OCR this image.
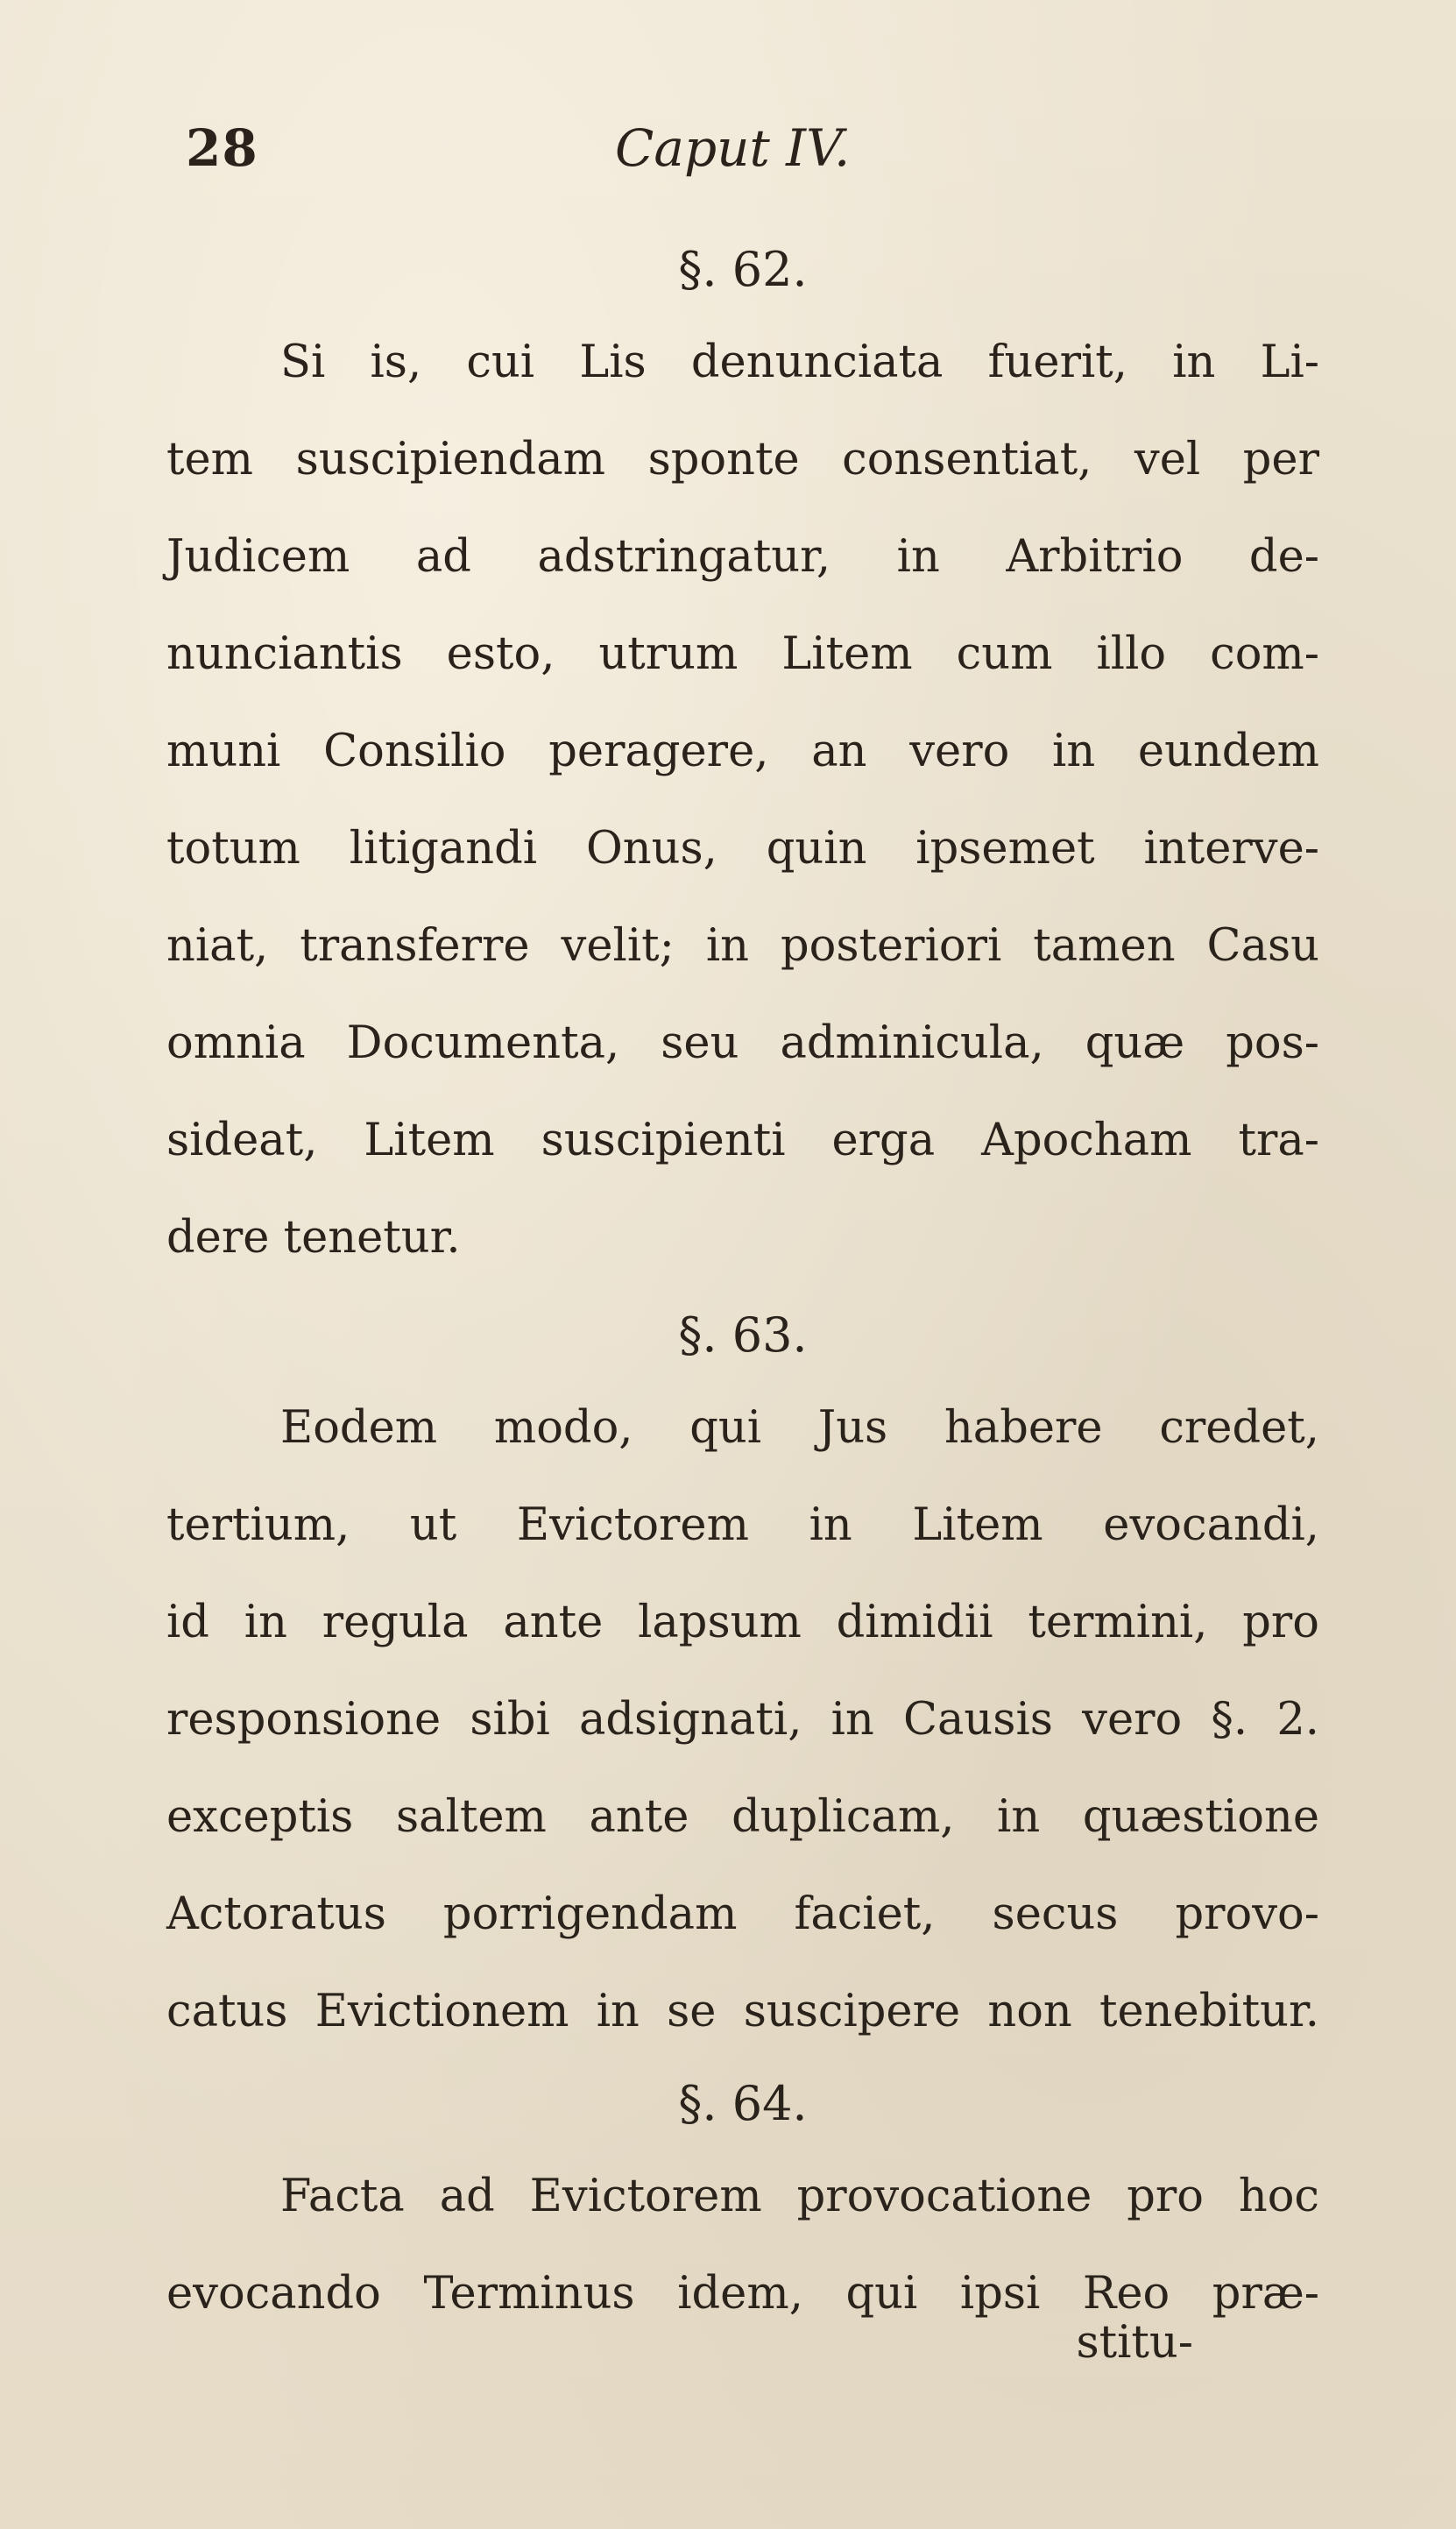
28	Caput IV.
§. 62.
Si is, cui Lis denunciata fuerit, in Li-
tem suscipiendam sponte consentiat, vel per
Judicem ad adstringatur, in Arbitrio de-
nunciantis esto, utrum Litem cum illo com-
muni Consilio peragere, an vero in eundem
totum litigandi Onus, quin ipsemet interve-
niat, transferre velit; in posteriori tamen Casu
omnia Documenta, seu adminicula, quæ pos-
sideat, Litem suscipienti erga Apocham tra-
dere tenetur.
§. 63.
Eodem modo, qui Jus habere credet,
tertium, ut Evictorem in Litem evocandi,
id in regula ante lapsum dimidii termini, pro
responsione sibi adsignati, in Causis vero §. 2.
exceptis saltem ante duplicam, in quæstione
Actoratus porrigendam faciet, secus provo-
catus Evictionem in se suscipere non tenebitur.
§. 64.
Facta ad Evictorem provocatione pro hoc
evocando Terminus idem, qui ipsi Reo præ-
stitu-
